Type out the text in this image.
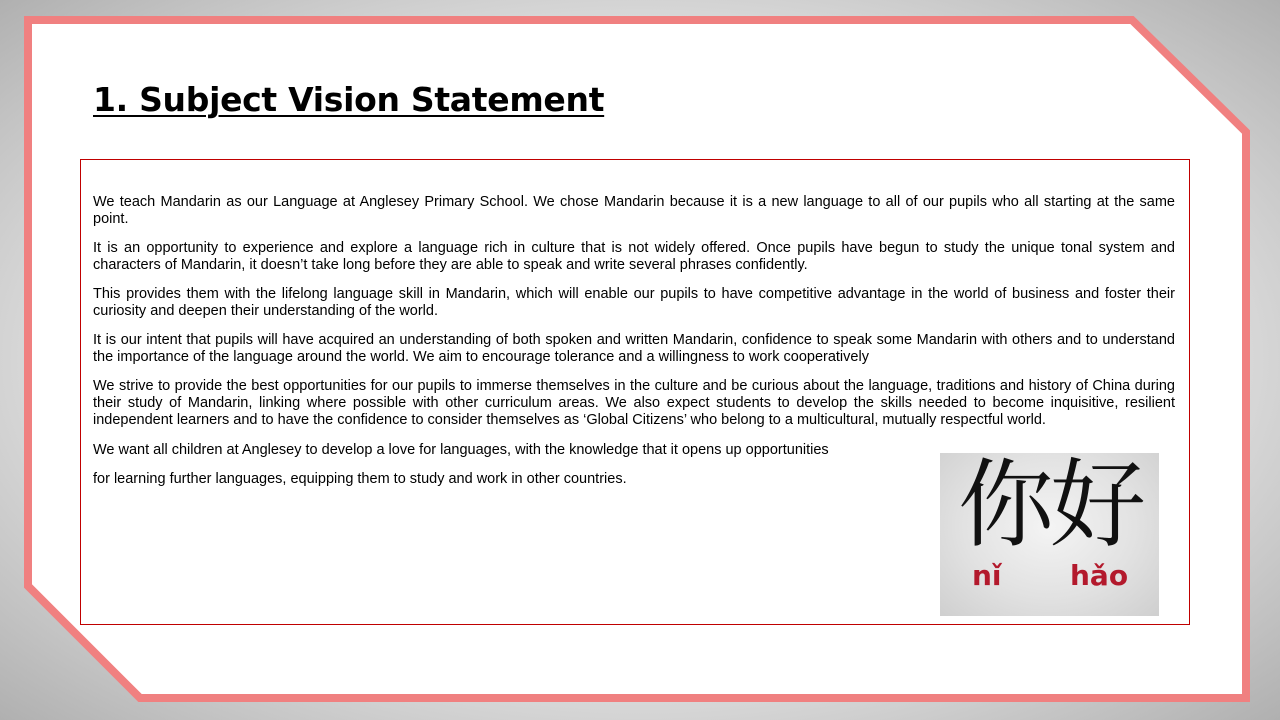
1. Subject Vision Statement

We teach Mandarin as our Language at Anglesey Primary School. We chose Mandarin because it is a new language to all of our pupils who all starting at the same point.

It is an opportunity to experience and explore a language rich in culture that is not widely offered. Once pupils have begun to study the unique tonal system and characters of Mandarin, it doesn’t take long before they are able to speak and write several phrases confidently.

This provides them with the lifelong language skill in Mandarin, which will enable our pupils to have competitive advantage in the world of business and foster their curiosity and deepen their understanding of the world.

It is our intent that pupils will have acquired an understanding of both spoken and written Mandarin, confidence to speak some Mandarin with others and to understand the importance of the language around the world. We aim to encourage tolerance and a willingness to work cooperatively

We strive to provide the best opportunities for our pupils to immerse themselves in the culture and be curious about the language, traditions and history of China during their study of Mandarin, linking where possible with other curriculum areas. We also expect students to develop the skills needed to become inquisitive, resilient independent learners and to have the confidence to consider themselves as ‘Global Citizens’ who belong to a multicultural, mutually respectful world.

We want all children at Anglesey to develop a love for languages, with the knowledge that it opens up opportunities

for learning further languages, equipping them to study and work in other countries.	你好
nǐ hǎo
